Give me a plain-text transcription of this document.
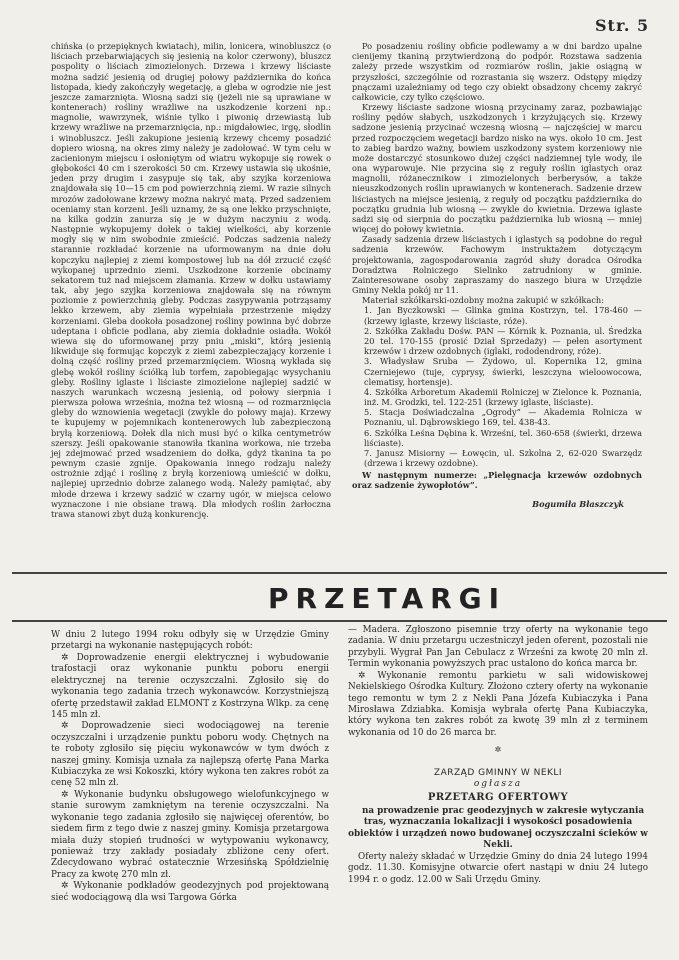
Str. 5

chińska (o przepięknych kwiatach), milin, lonicera, winobluszcz (o liściach przebarwiających się jesienią na kolor czerwony), bluszcz pospolity o liściach zimozielonych. Drzewa i krzewy liściaste można sadzić jesienią od drugiej połowy października do końca listopada, kiedy zakończyły wegetację, a gleba w ogrodzie nie jest jeszcze zamarznięta. Wiosną sadzi się (jeżeli nie są uprawiane w kontenerach) rośliny wrażliwe na uszkodzenie korzeni np.: magnolie, wawrzynek, wiśnie tylko i piwonię drzewiastą lub krzewy wrażliwe na przemarznięcia, np.: migdałowiec, irgę, słodlin i winobluszcz. Jeśli zakupione jesienią krzewy chcemy posadzić dopiero wiosną, na okres zimy należy je zadołować. W tym celu w zacienionym miejscu i osłoniętym od wiatru wykopuje się rowek o głębokości 40 cm i szerokości 50 cm. Krzewy ustawia się ukośnie, jeden przy drugim i zasypuje się tak, aby szyjka korzeniowa znajdowała się 10—15 cm pod powierzchnią ziemi. W razie silnych mrozów zadołowane krzewy można nakryć matą. Przed sadzeniem oceniamy stan korzeni. Jeśli uznamy, że są one lekko przyschnięte, na kilka godzin zanurza się je w dużym naczyniu z wodą. Następnie wykopujemy dołek o takiej wielkości, aby korzenie mogły się w nim swobodnie zmieścić. Podczas sadzenia należy starannie rozkładać korzenie na uformowanym na dnie dołu kopczyku najlepiej z ziemi kompostowej lub na dół zrzucić część wykopanej uprzednio ziemi. Uszkodzone korzenie obcinamy sekatorem tuż nad miejscem złamania. Krzew w dołku ustawiamy tak, aby jego szyjka korzeniowa znajdowała się na równym poziomie z powierzchnią gleby. Podczas zasypywania potrząsamy lekko krzewem, aby ziemia wypełniała przestrzenie między korzeniami. Gleba dookoła posadzonej rośliny powinna być dobrze udeptana i obficie podlana, aby ziemia dokładnie osiadła. Wokół wiewa się do uformowanej przy pniu „miski”, którą jesienią likwiduje się formując kopczyk z ziemi zabezpieczający korzenie i dolną część rośliny przed przemarznięciem. Wiosną wykłada się glebę wokół rośliny ściółką lub torfem, zapobiegając wysychaniu gleby. Rośliny iglaste i liściaste zimozielone najlepiej sadzić w naszych warunkach wczesną jesienią, od połowy sierpnia i pierwsza połowa września, można też wiosną — od rozmarznięcia gleby do wznowienia wegetacji (zwykle do połowy maja). Krzewy te kupujemy w pojemnikach kontenerowych lub zabezpieczoną bryłą korzeniową. Dołek dla nich musi być o kilka centymetrów szerszy. Jeśli opakowanie stanowiła tkanina workowa, nie trzeba jej zdejmować przed wsadzeniem do dołka, gdyż tkanina ta po pewnym czasie zgnije. Opakowania innego rodzaju należy ostrożnie zdjąć i roślinę z bryłą korzeniową umieścić w dołku, najlepiej uprzednio dobrze zalanego wodą. Należy pamiętać, aby młode drzewa i krzewy sadzić w czarny ugór, w miejsca celowo wyznaczone i nie obsiane trawą. Dla młodych roślin żarłoczna trawa stanowi zbyt dużą konkurencję.

Po posadzeniu rośliny obficie podlewamy a w dni bardzo upalne cienijemy tkaniną przytwierdzoną do podpór. Rozstawa sadzenia zależy przede wszystkim od rozmiarów roślin, jakie osiągną w przyszłości, szczególnie od rozrastania się wszerz. Odstępy między pnączami uzależniamy od tego czy obiekt obsadzony chcemy zakryć całkowicie, czy tylko częściowo.

Krzewy liściaste sadzone wiosną przycinamy zaraz, pozbawiając rośliny pędów słabych, uszkodzonych i krzyżujących się. Krzewy sadzone jesienią przycinać wczesną wiosną — najczęściej w marcu przed rozpoczęciem wegetacji bardzo nisko na wys. około 10 cm. Jest to zabieg bardzo ważny, bowiem uszkodzony system korzeniowy nie może dostarczyć stosunkowo dużej części nadziemnej tyle wody, ile ona wyparowuje. Nie przycina się z reguły roślin iglastych oraz magnolii, różanecznikow i zimozielonych berberysów, a także nieuszkodzonych roślin uprawianych w kontenerach. Sadzenie drzew liściastych na miejsce jesienią, z reguły od początku października do początku grudnia lub wiosną — zwykle do kwietnia. Drzewa iglaste sadzi się od sierpnia do początku października lub wiosną — mniej więcej do połowy kwietnia.

Zasady sadzenia drzew liściastych i iglastych są podobne do reguł sadzenia krzewów. Fachowym instruktażem dotyczącym projektowania, zagospodarowania zagród służy doradca Ośrodka Doradztwa Rolniczego Sielinko zatrudniony w gminie. Zainteresowane osoby zapraszamy do naszego biura w Urzędzie Gminy Nekla pokój nr 11.

Materiał szkółkarski-ozdobny można zakupić w szkółkach:

1. Jan Byczkowski — Glinka gmina Kostrzyn, tel. 178-460 — (krzewy iglaste, krzewy liściaste, róże).
2. Szkółka Zakładu Dośw. PAN — Kórnik k. Poznania, ul. Średzka 20 tel. 170-155 (prosić Dział Sprzedaży) — pełen asortyment krzewów i drzew ozdobnych (iglaki, rododendrony, róże).
3. Władysław Sruba — Żydowo, ul. Kopernika 12, gmina Czerniejewo (tuje, cyprysy, świerki, leszczyna wieloowocowa, clematisy, hortensje).
4. Szkółka Arboretum Akademii Rolniczej w Zielonce k. Poznania, inż. M. Grodzki, tel. 122-251 (krzewy iglaste, liściaste).
5. Stacja Doświadczalna „Ogrody” — Akademia Rolnicza w Poznaniu, ul. Dąbrowskiego 169, tel. 438-43.
6. Szkółka Leśna Dębina k. Wrześni, tel. 360-658 (świerki, drzewa liściaste).
7. Janusz Misiorny — Łowęcin, ul. Szkolna 2, 62-020 Swarzędz (drzewa i krzewy ozdobne).

W następnym numerze: „Pielęgnacja krzewów ozdobnych oraz sadzenie żywopłotów”.

Bogumiła Błaszczyk
PRZETARGI

W dniu 2 lutego 1994 roku odbyły się w Urzędzie Gminy przetargi na wykonanie następujących robót:

✲ Doprowadzenie energii elektrycznej i wybudowanie trafostacji oraz wykonanie punktu poboru energii elektrycznej na terenie oczyszczalni. Zgłosiło się do wykonania tego zadania trzech wykonawców. Korzystniejszą ofertę przedstawił zakład ELMONT z Kostrzyna Wlkp. za cenę 145 mln zł.

✲ Doprowadzenie sieci wodociągowej na terenie oczyszczalni i urządzenie punktu poboru wody. Chętnych na te roboty zgłosiło się pięciu wykonawców w tym dwóch z naszej gminy. Komisja uznała za najlepszą ofertę Pana Marka Kubiaczyka ze wsi Kokoszki, który wykona ten zakres robót za cenę 52 mln zł.

✲ Wykonanie budynku obsługowego wielofunkcyjnego w stanie surowym zamkniętym na terenie oczyszczalni. Na wykonanie tego zadania zgłosiło się najwięcej oferentów, bo siedem firm z tego dwie z naszej gminy. Komisja przetargowa miała duży stopień trudności w wytypowaniu wykonawcy, ponieważ trzy zakłady posiadały zbliżone ceny ofert. Zdecydowano wybrać ostatecznie Wrzesińską Spółdzielnię Pracy za kwotę 270 mln zł.

✲ Wykonanie podkładów geodezyjnych pod projektowaną sieć wodociągową dla wsi Targowa Górka

— Madera. Zgłoszono pisemnie trzy oferty na wykonanie tego zadania. W dniu przetargu uczestniczył jeden oferent, pozostali nie przybyli. Wygrał Pan Jan Cebulacz z Wrześni za kwotę 20 mln zł. Termin wykonania powyższych prac ustalono do końca marca br.

✲ Wykonanie remontu parkietu w sali widowiskowej Nekielskiego Ośrodka Kultury. Złożono cztery oferty na wykonanie tego remontu w tym 2 z Nekli Pana Józefa Kubiaczyka i Pana Mirosława Zdziabka. Komisja wybrała ofertę Pana Kubiaczyka, który wykona ten zakres robót za kwotę 39 mln zł z terminem wykonania od 10 do 26 marca br.

✲
ZARZĄD GMINNY W NEKLI
ogłasza
PRZETARG OFERTOWY

na prowadzenie prac geodezyjnych w zakresie wytyczania tras, wyznaczania lokalizacji i wysokości posadowienia obiektów i urządzeń nowo budowanej oczyszczalni ścieków w Nekli.

Oferty należy składać w Urzędzie Gminy do dnia 24 lutego 1994 godz. 11.30. Komisyjne otwarcie ofert nastąpi w dniu 24 lutego 1994 r. o godz. 12.00 w Sali Urzędu Gminy.
